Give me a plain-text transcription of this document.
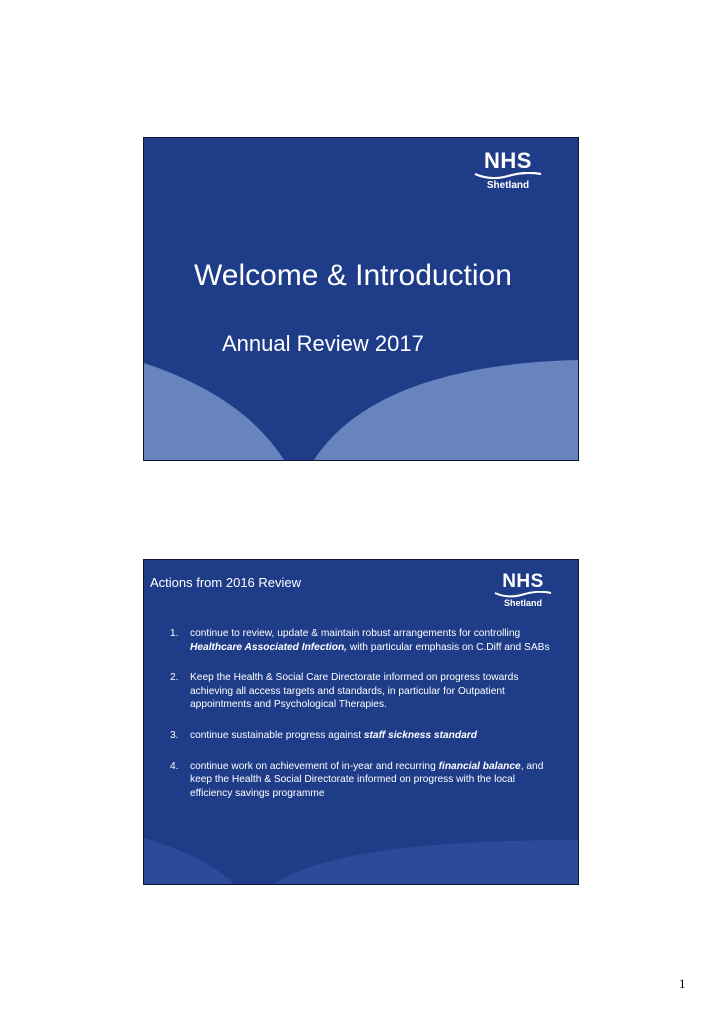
NHS
Shetland
Welcome & Introduction
Annual Review 2017
Actions from 2016 Review	NHS
Shetland
1. continue to review, update & maintain robust arrangements for controlling Healthcare Associated Infection, with particular emphasis on C.Diff and SABs
2. Keep the Health & Social Care Directorate informed on progress towards achieving all access targets and standards, in particular for Outpatient appointments and Psychological Therapies.
3. continue sustainable progress against staff sickness standard
4. continue work on achievement of in-year and recurring financial balance, and keep the Health & Social Directorate informed on progress with the local efficiency savings programme
1
